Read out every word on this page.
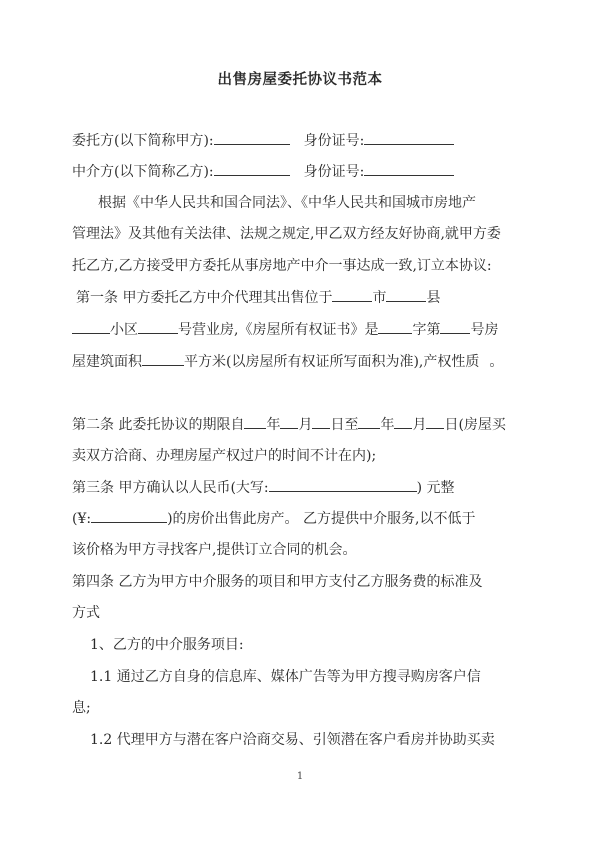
出售房屋委托协议书范本
委托方(以下简称甲方):	身份证号:
中介方(以下简称乙方):	身份证号:
根据《中华人民共和国合同法》、《中华人民共和国城市房地产
管理法》及其他有关法律、法规之规定,甲乙双方经友好协商,就甲方委
托乙方,乙方接受甲方委托从事房地产中介一事达成一致,订立本协议:
第一条 甲方委托乙方中介代理其出售位于	市	县
小区	号营业房,《房屋所有权证书》是 字第 号房
屋建筑面积	平方米(以房屋所有权证所写面积为准),产权性质 。
第二条 此委托协议的期限自 年 月 日至 年 月 日(房屋买
卖双方洽商、办理房屋产权过户的时间不计在内);
第三条 甲方确认以人民币(大写:	) 元整
(¥:	)的房价出售此房产。 乙方提供中介服务,以不低于
该价格为甲方寻找客户,提供订立合同的机会。
第四条 乙方为甲方中介服务的项目和甲方支付乙方服务费的标准及
方式
1、乙方的中介服务项目:
1.1 通过乙方自身的信息库、媒体广告等为甲方搜寻购房客户信
息;
1.2 代理甲方与潜在客户洽商交易、引领潜在客户看房并协助买卖
1
